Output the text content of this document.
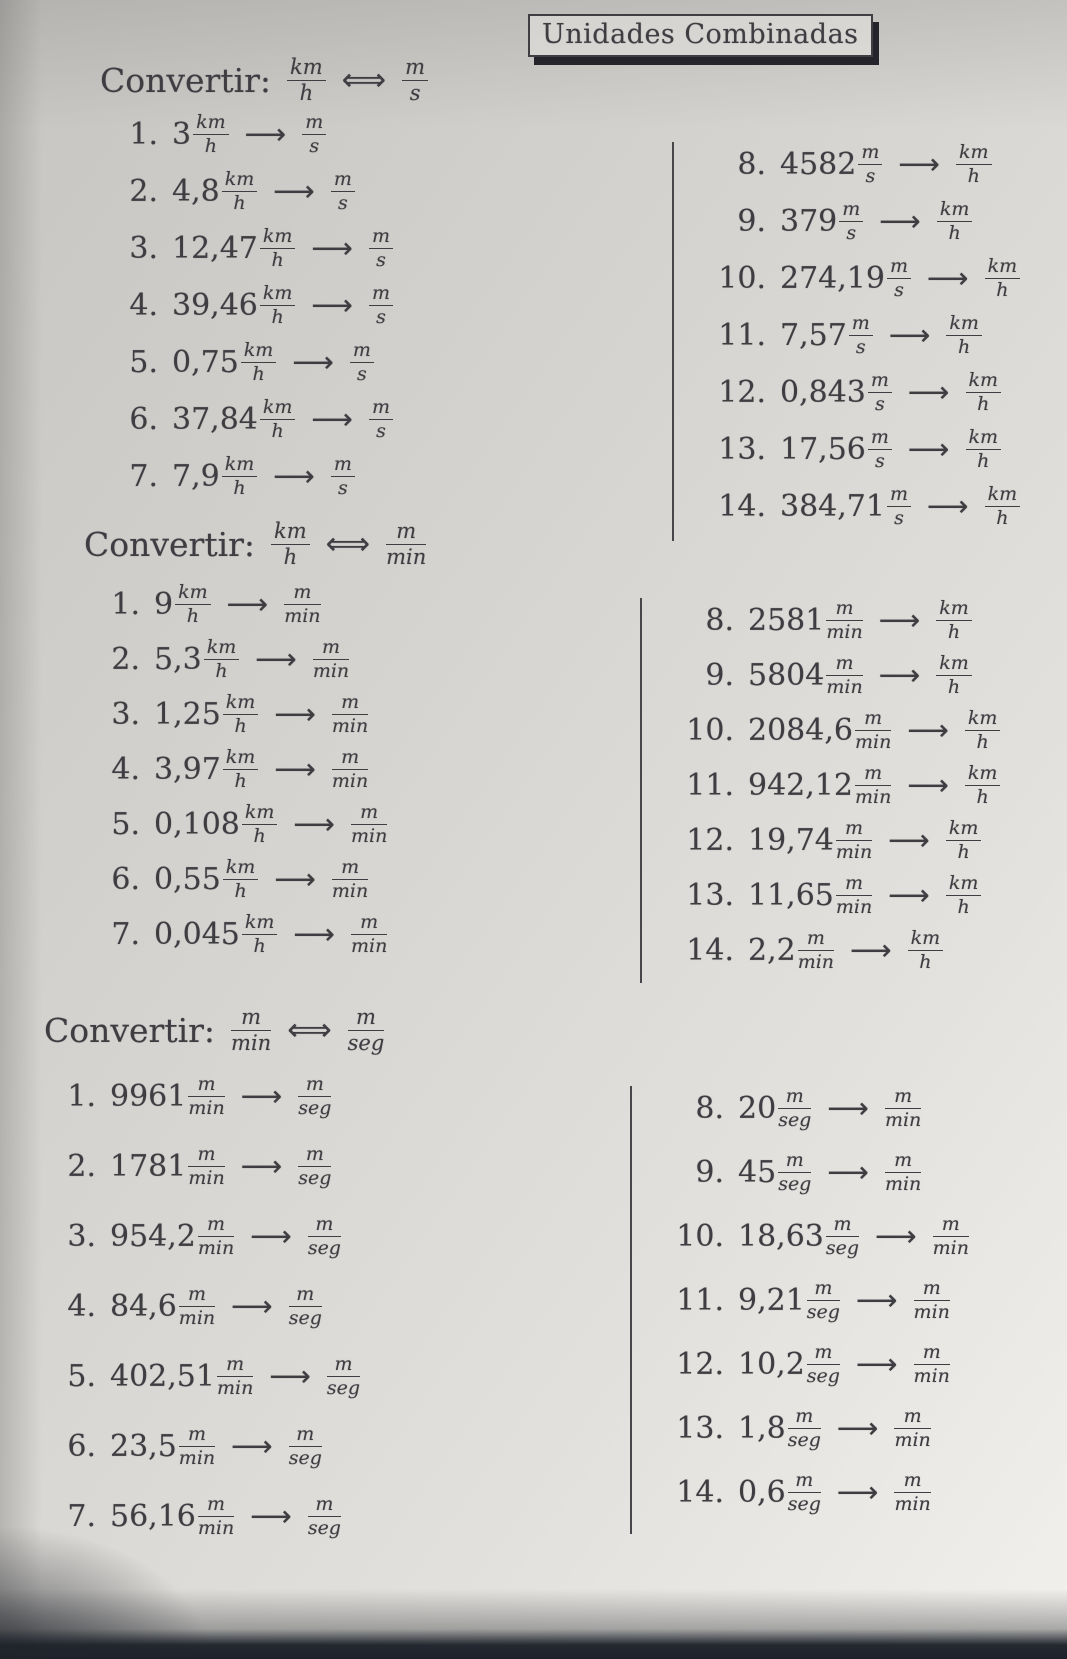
Unidades Combinadas
Convertir: $\frac{km}{h}$ ⟺ $\frac{m}{s}$
1. $3 \frac{km}{h}$ ⟶ $\frac{m}{s}$
2. $4,8 \frac{km}{h}$ ⟶ $\frac{m}{s}$
3. $12,47 \frac{km}{h}$ ⟶ $\frac{m}{s}$
4. $39,46 \frac{km}{h}$ ⟶ $\frac{m}{s}$
5. $0,75 \frac{km}{h}$ ⟶ $\frac{m}{s}$
6. $37,84 \frac{km}{h}$ ⟶ $\frac{m}{s}$
7. $7,9 \frac{km}{h}$ ⟶ $\frac{m}{s}$
8. $4582 \frac{m}{s}$ ⟶ $\frac{km}{h}$
9. $379 \frac{m}{s}$ ⟶ $\frac{km}{h}$
10. $274,19 \frac{m}{s}$ ⟶ $\frac{km}{h}$
11. $7,57 \frac{m}{s}$ ⟶ $\frac{km}{h}$
12. $0,843 \frac{m}{s}$ ⟶ $\frac{km}{h}$
13. $17,56 \frac{m}{s}$ ⟶ $\frac{km}{h}$
14. $384,71 \frac{m}{s}$ ⟶ $\frac{km}{h}$
Convertir: $\frac{km}{h}$ ⟺ $\frac{m}{\min}$
1. $9 \frac{km}{h}$ ⟶ $\frac{m}{\min}$
2. $5,3 \frac{km}{h}$ ⟶ $\frac{m}{\min}$
3. $1,25 \frac{km}{h}$ ⟶ $\frac{m}{\min}$
4. $3,97 \frac{km}{h}$ ⟶ $\frac{m}{\min}$
5. $0,108 \frac{km}{h}$ ⟶ $\frac{m}{\min}$
6. $0,55 \frac{km}{h}$ ⟶ $\frac{m}{\min}$
7. $0,045 \frac{km}{h}$ ⟶ $\frac{m}{\min}$
8. $2581 \frac{m}{\min}$ ⟶ $\frac{km}{h}$
9. $5804 \frac{m}{\min}$ ⟶ $\frac{km}{h}$
10. $2084,6 \frac{m}{\min}$ ⟶ $\frac{km}{h}$
11. $942,12 \frac{m}{\min}$ ⟶ $\frac{km}{h}$
12. $19,74 \frac{m}{\min}$ ⟶ $\frac{km}{h}$
13. $11,65 \frac{m}{\min}$ ⟶ $\frac{km}{h}$
14. $2,2 \frac{m}{\min}$ ⟶ $\frac{km}{h}$
Convertir: $\frac{m}{\min}$ ⟺ $\frac{m}{\text{seg}}$
1. $9961 \frac{m}{\min}$ ⟶ $\frac{m}{\text{seg}}$
2. $1781 \frac{m}{\min}$ ⟶ $\frac{m}{\text{seg}}$
3. $954,2 \frac{m}{\min}$ ⟶ $\frac{m}{\text{seg}}$
4. $84,6 \frac{m}{\min}$ ⟶ $\frac{m}{\text{seg}}$
5. $402,51 \frac{m}{\min}$ ⟶ $\frac{m}{\text{seg}}$
6. $23,5 \frac{m}{\min}$ ⟶ $\frac{m}{\text{seg}}$
7. $56,16 \frac{m}{\min}$ ⟶ $\frac{m}{\text{seg}}$
8. $20 \frac{m}{\text{seg}}$ ⟶ $\frac{m}{\min}$
9. $45 \frac{m}{\text{seg}}$ ⟶ $\frac{m}{\min}$
10. $18,63 \frac{m}{\text{seg}}$ ⟶ $\frac{m}{\min}$
11. $9,21 \frac{m}{\text{seg}}$ ⟶ $\frac{m}{\min}$
12. $10,2 \frac{m}{\text{seg}}$ ⟶ $\frac{m}{\min}$
13. $1,8 \frac{m}{\text{seg}}$ ⟶ $\frac{m}{\min}$
14. $0,6 \frac{m}{\text{seg}}$ ⟶ $\frac{m}{\min}$
